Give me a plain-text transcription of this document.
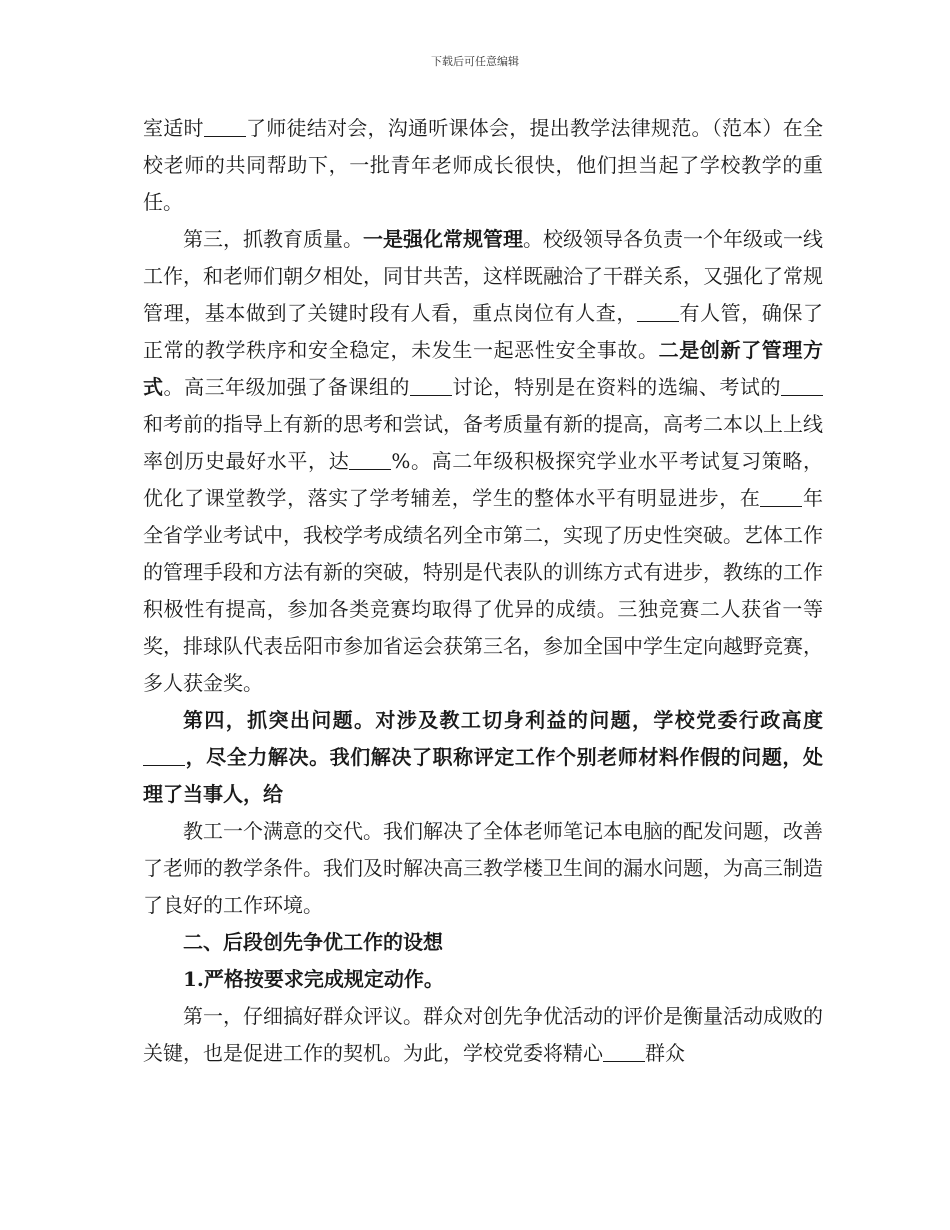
下载后可任意编辑

室适时 了师徒结对会，沟通听课体会，提出教学法律规范。（范本）在全校老师的共同帮助下，一批青年老师成长很快，他们担当起了学校教学的重任。

第三，抓教育质量。一是强化常规管理。校级领导各负责一个年级或一线工作，和老师们朝夕相处，同甘共苦，这样既融洽了干群关系，又强化了常规管理，基本做到了关键时段有人看，重点岗位有人查， 有人管，确保了正常的教学秩序和安全稳定，未发生一起恶性安全事故。二是创新了管理方式。高三年级加强了备课组的 讨论，特别是在资料的选编、考试的和考前的指导上有新的思考和尝试，备考质量有新的提高，高考二本以上上线率创历史最好水平，达 %。高二年级积极探究学业水平考试复习策略，优化了课堂教学，落实了学考辅差，学生的整体水平有明显进步，在 年全省学业考试中，我校学考成绩名列全市第二，实现了历史性突破。艺体工作的管理手段和方法有新的突破，特别是代表队的训练方式有进步，教练的工作积极性有提高，参加各类竞赛均取得了优异的成绩。三独竞赛二人获省一等奖，排球队代表岳阳市参加省运会获第三名，参加全国中学生定向越野竞赛，多人获金奖。

第四，抓突出问题。对涉及教工切身利益的问题，学校党委行政高度，尽全力解决。我们解决了职称评定工作个别老师材料作假的问题，处理了当事人，给

教工一个满意的交代。我们解决了全体老师笔记本电脑的配发问题，改善了老师的教学条件。我们及时解决高三教学楼卫生间的漏水问题，为高三制造了良好的工作环境。

二、后段创先争优工作的设想

1.严格按要求完成规定动作。

第一，仔细搞好群众评议。群众对创先争优活动的评价是衡量活动成败的关键，也是促进工作的契机。为此，学校党委将精心 群众
